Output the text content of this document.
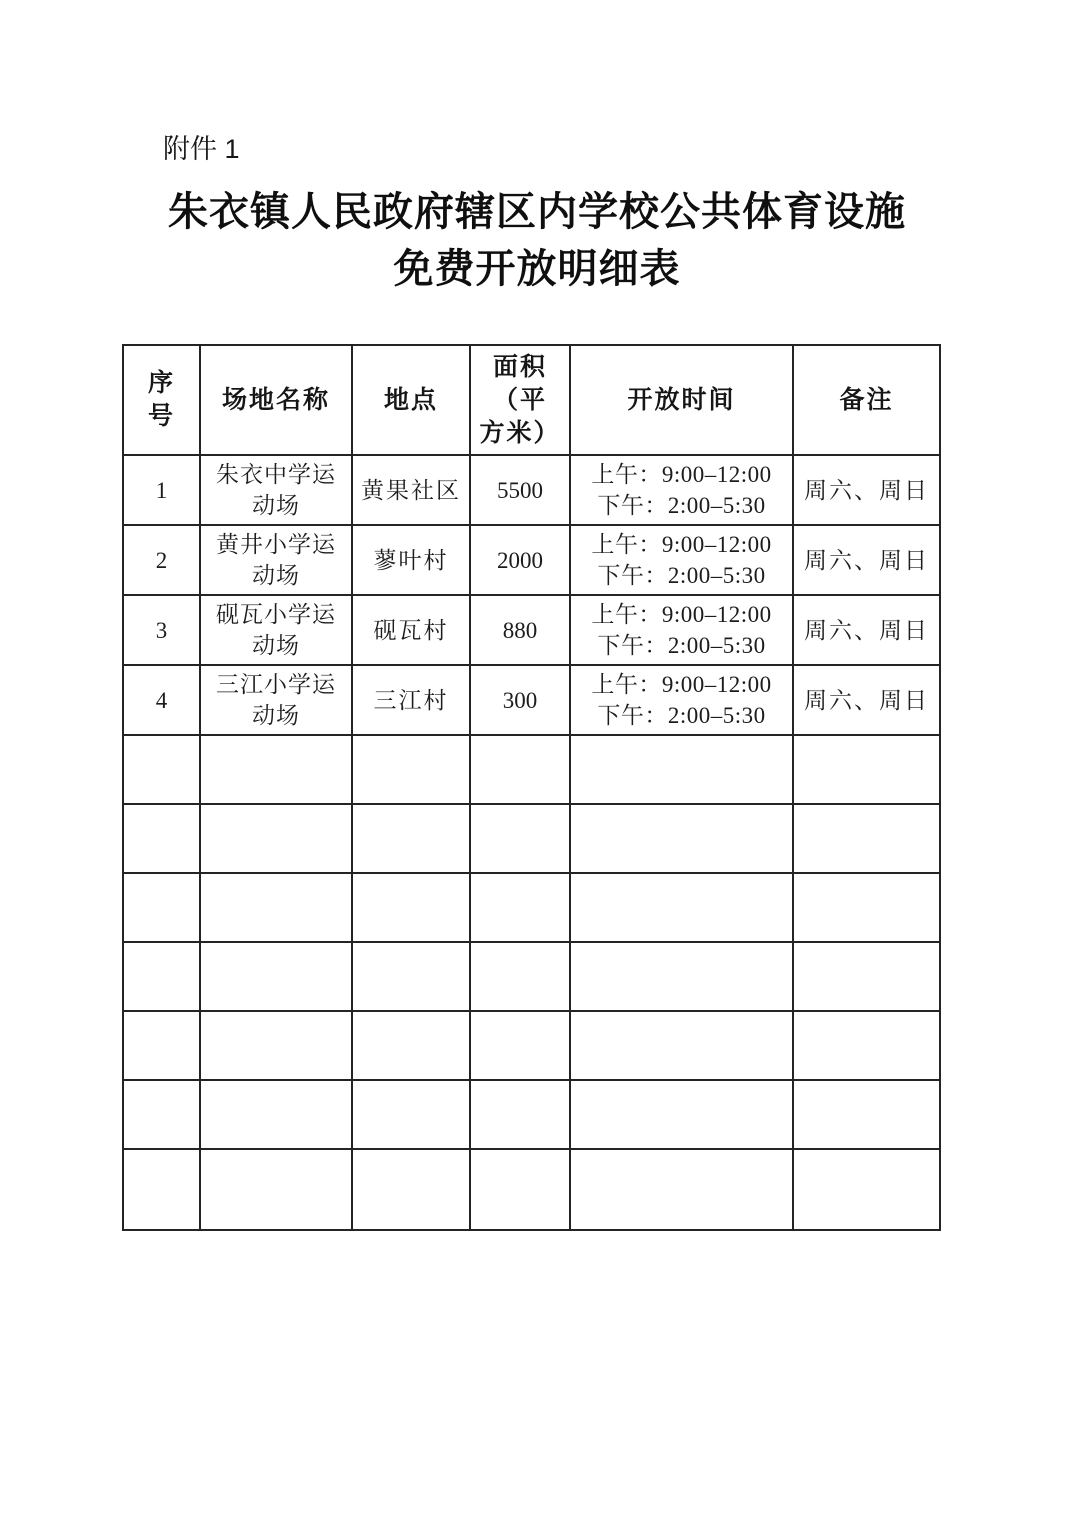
附件 1
朱衣镇人民政府辖区内学校公共体育设施
免费开放明细表
序
号	场地名称	地点	面积
（平
方米）	开放时间	备注

1	朱衣中学运动场	黄果社区	5500	上午：9:00–12:00
下午：2:00–5:30	周六、周日
2	黄井小学运动场	蓼叶村	2000	上午：9:00–12:00
下午：2:00–5:30	周六、周日
3	砚瓦小学运动场	砚瓦村	880	上午：9:00–12:00
下午：2:00–5:30	周六、周日
4	三江小学运动场	三江村	300	上午：9:00–12:00
下午：2:00–5:30	周六、周日
